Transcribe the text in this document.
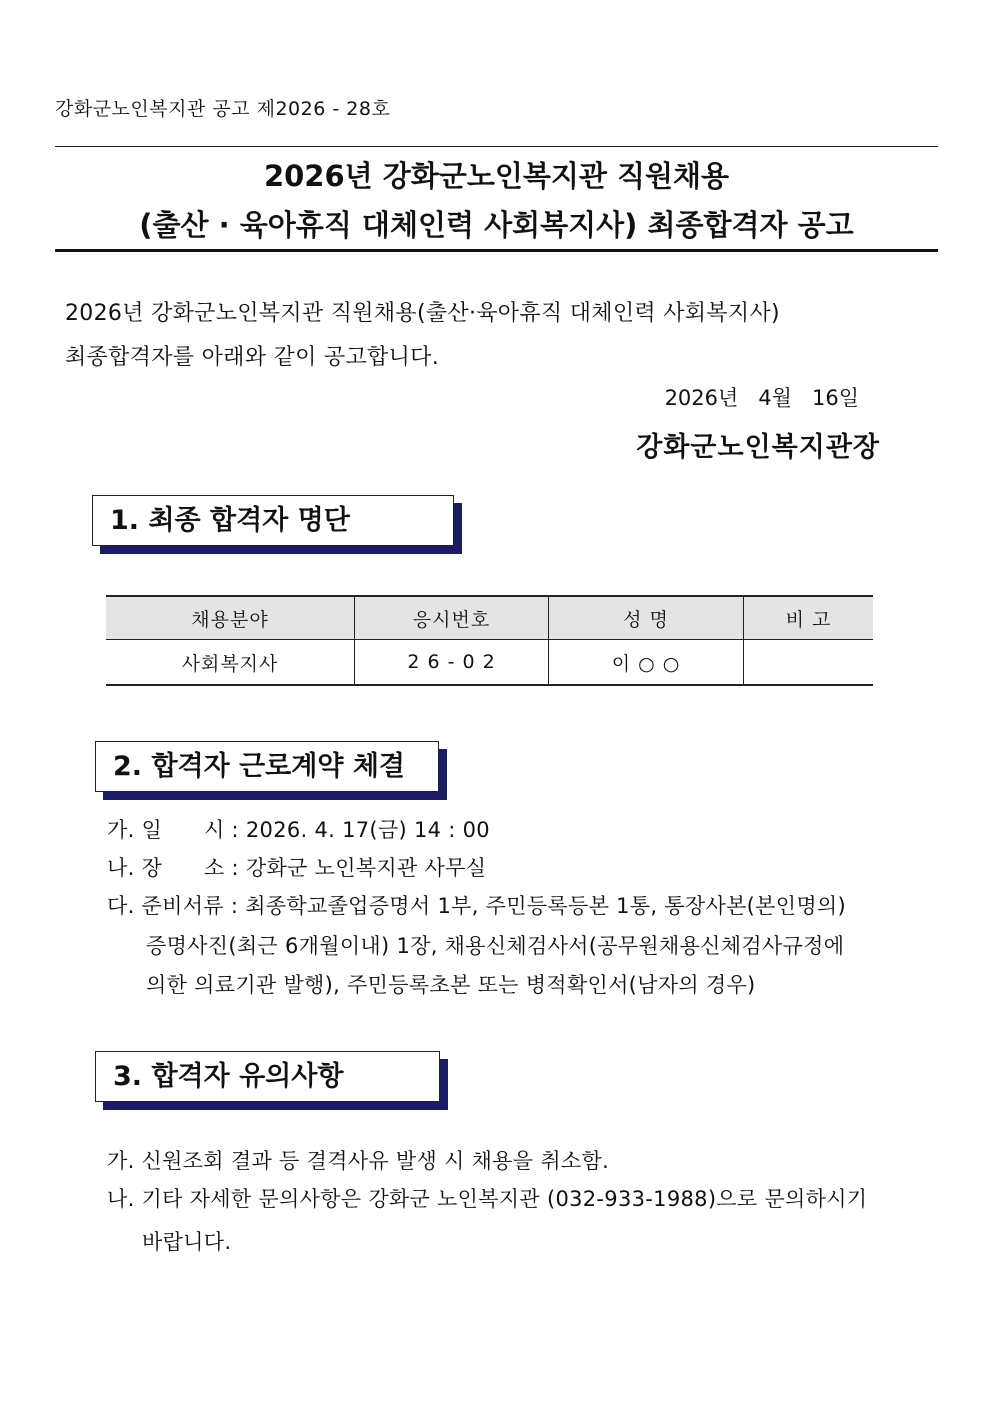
강화군노인복지관 공고 제2026 - 28호
2026년 강화군노인복지관 직원채용
(출산 · 육아휴직 대체인력 사회복지사) 최종합격자 공고
2026년 강화군노인복지관 직원채용(출산·육아휴직 대체인력 사회복지사)
최종합격자를 아래와 같이 공고합니다.
2026년   4월   16일
강화군노인복지관장
1. 최종 합격자 명단
채용분야	응시번호	성 명	비 고
사회복지사	2 6 - 0 2	이 ○ ○	
2. 합격자 근로계약 체결
가. 일      시 : 2026. 4. 17(금) 14 : 00
나. 장      소 : 강화군 노인복지관 사무실
다. 준비서류 : 최종학교졸업증명서 1부, 주민등록등본 1통, 통장사본(본인명의)
증명사진(최근 6개월이내) 1장, 채용신체검사서(공무원채용신체검사규정에
의한 의료기관 발행), 주민등록초본 또는 병적확인서(남자의 경우)
3. 합격자 유의사항
가. 신원조회 결과 등 결격사유 발생 시 채용을 취소함.
나. 기타 자세한 문의사항은 강화군 노인복지관 (032-933-1988)으로 문의하시기
바랍니다.
